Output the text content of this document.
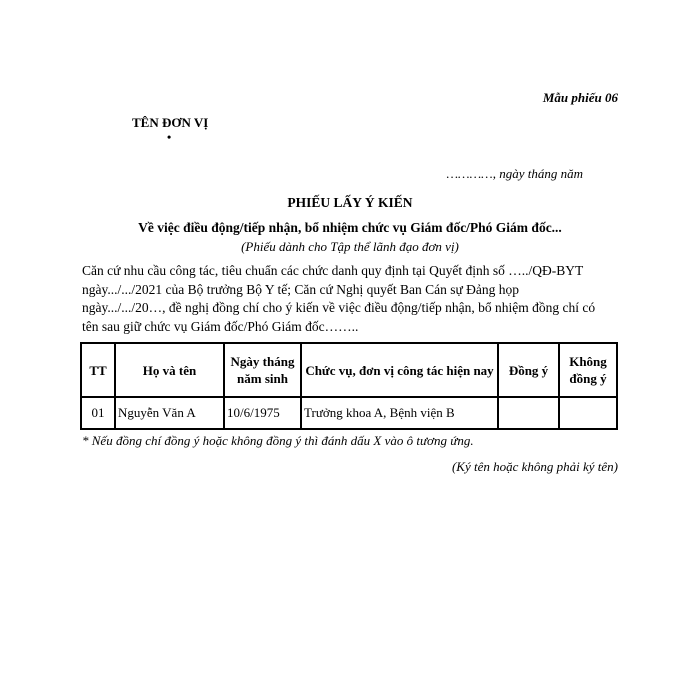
Mẫu phiếu 06
TÊN ĐƠN VỊ
•
…………, ngày tháng năm
PHIẾU LẤY Ý KIẾN
Về việc điều động/tiếp nhận, bổ nhiệm chức vụ Giám đốc/Phó Giám đốc...
(Phiếu dành cho Tập thể lãnh đạo đơn vị)
Căn cứ nhu cầu công tác, tiêu chuẩn các chức danh quy định tại Quyết định số …../QĐ-BYT
ngày.../.../2021 của Bộ trưởng Bộ Y tế; Căn cứ Nghị quyết Ban Cán sự Đảng họp
ngày.../.../20…, đề nghị đồng chí cho ý kiến về việc điều động/tiếp nhận, bổ nhiệm đồng chí có
tên sau giữ chức vụ Giám đốc/Phó Giám đốc……..
TT	Họ và tên	Ngày tháng năm sinh	Chức vụ, đơn vị công tác hiện nay	Đồng ý	Không đồng ý
01	Nguyễn Văn A	10/6/1975	Trưởng khoa A, Bệnh viện B		
* Nếu đồng chí đồng ý hoặc không đồng ý thì đánh dấu X vào ô tương ứng.
(Ký tên hoặc không phải ký tên)
